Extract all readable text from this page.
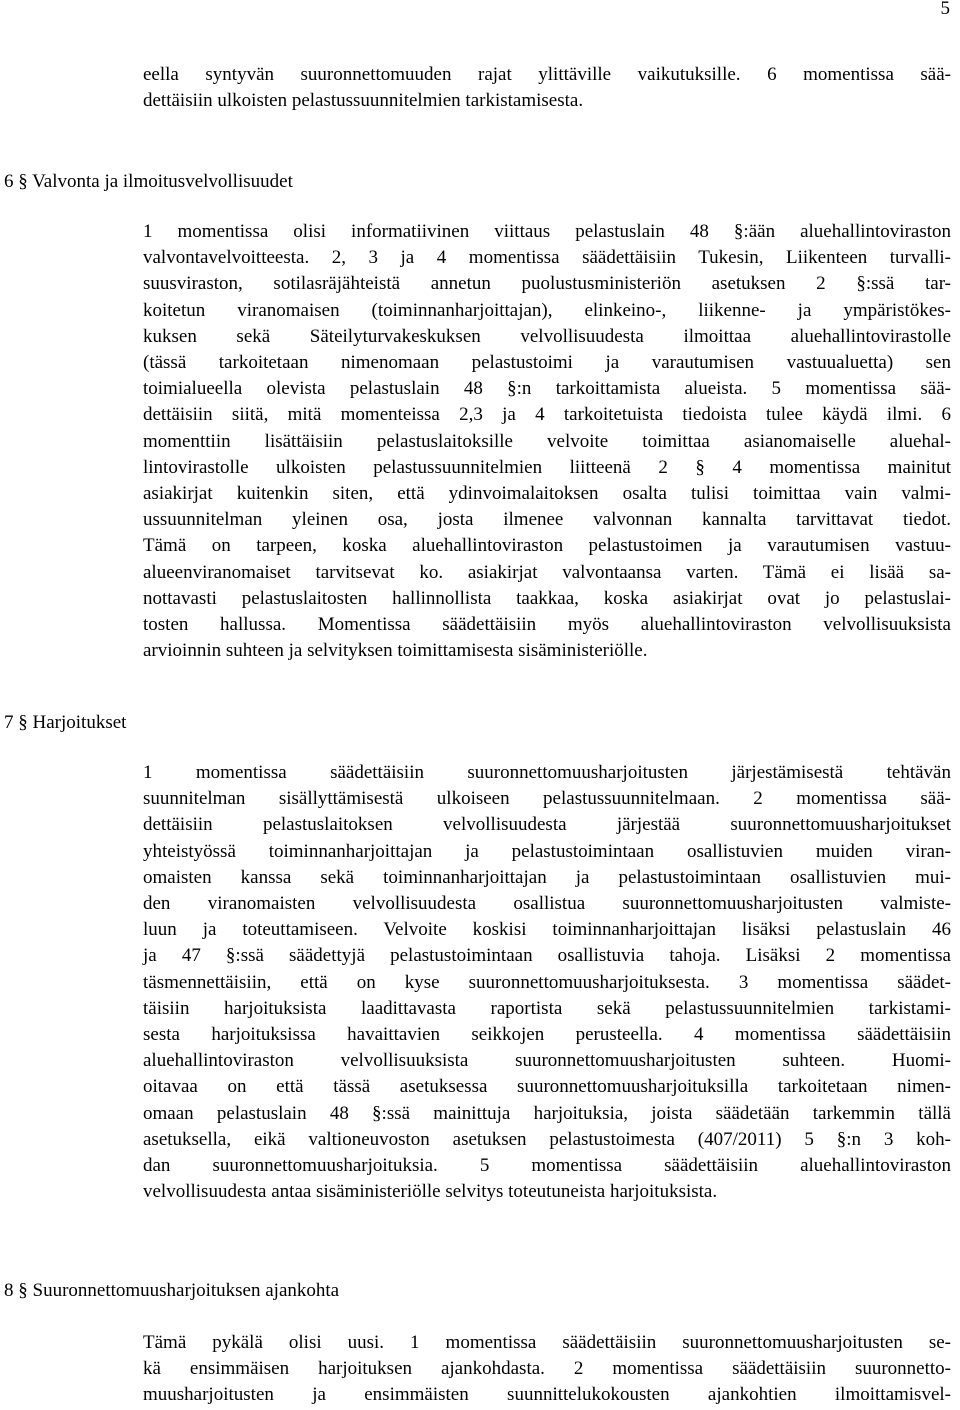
5
eella syntyvän suuronnettomuuden rajat ylittäville vaikutuksille. 6 momentissa sää-
dettäisiin ulkoisten pelastussuunnitelmien tarkistamisesta.
6 § Valvonta ja ilmoitusvelvollisuudet
1 momentissa olisi informatiivinen viittaus pelastuslain 48 §:ään aluehallintoviraston
valvontavelvoitteesta. 2, 3 ja 4 momentissa säädettäisiin Tukesin, Liikenteen turvalli-
suusviraston, sotilasräjähteistä annetun puolustusministeriön asetuksen 2 §:ssä tar-
koitetun viranomaisen (toiminnanharjoittajan), elinkeino-, liikenne- ja ympäristökes-
kuksen sekä Säteilyturvakeskuksen velvollisuudesta ilmoittaa aluehallintovirastolle
(tässä tarkoitetaan nimenomaan pelastustoimi ja varautumisen vastuualuetta) sen
toimialueella olevista pelastuslain 48 §:n tarkoittamista alueista. 5 momentissa sää-
dettäisiin siitä, mitä momenteissa 2,3 ja 4 tarkoitetuista tiedoista tulee käydä ilmi. 6
momenttiin lisättäisiin pelastuslaitoksille velvoite toimittaa asianomaiselle aluehal-
lintovirastolle ulkoisten pelastussuunnitelmien liitteenä 2 § 4 momentissa mainitut
asiakirjat kuitenkin siten, että ydinvoimalaitoksen osalta tulisi toimittaa vain valmi-
ussuunnitelman yleinen osa, josta ilmenee valvonnan kannalta tarvittavat tiedot.
Tämä on tarpeen, koska aluehallintoviraston pelastustoimen ja varautumisen vastuu-
alueenviranomaiset tarvitsevat ko. asiakirjat valvontaansa varten. Tämä ei lisää sa-
nottavasti pelastuslaitosten hallinnollista taakkaa, koska asiakirjat ovat jo pelastuslai-
tosten hallussa. Momentissa säädettäisiin myös aluehallintoviraston velvollisuuksista
arvioinnin suhteen ja selvityksen toimittamisesta sisäministeriölle.
7 § Harjoitukset
1 momentissa säädettäisiin suuronnettomuusharjoitusten järjestämisestä tehtävän
suunnitelman sisällyttämisestä ulkoiseen pelastussuunnitelmaan. 2 momentissa sää-
dettäisiin pelastuslaitoksen velvollisuudesta järjestää suuronnettomuusharjoitukset
yhteistyössä toiminnanharjoittajan ja pelastustoimintaan osallistuvien muiden viran-
omaisten kanssa sekä toiminnanharjoittajan ja pelastustoimintaan osallistuvien mui-
den viranomaisten velvollisuudesta osallistua suuronnettomuusharjoitusten valmiste-
luun ja toteuttamiseen. Velvoite koskisi toiminnanharjoittajan lisäksi pelastuslain 46
ja 47 §:ssä säädettyjä pelastustoimintaan osallistuvia tahoja. Lisäksi 2 momentissa
täsmennettäisiin, että on kyse suuronnettomuusharjoituksesta. 3 momentissa säädet-
täisiin harjoituksista laadittavasta raportista sekä pelastussuunnitelmien tarkistami-
sesta harjoituksissa havaittavien seikkojen perusteella. 4 momentissa säädettäisiin
aluehallintoviraston velvollisuuksista suuronnettomuusharjoitusten suhteen. Huomi-
oitavaa on että tässä asetuksessa suuronnettomuusharjoituksilla tarkoitetaan nimen-
omaan pelastuslain 48 §:ssä mainittuja harjoituksia, joista säädetään tarkemmin tällä
asetuksella, eikä valtioneuvoston asetuksen pelastustoimesta (407/2011) 5 §:n 3 koh-
dan suuronnettomuusharjoituksia. 5 momentissa säädettäisiin aluehallintoviraston
velvollisuudesta antaa sisäministeriölle selvitys toteutuneista harjoituksista.
8 § Suuronnettomuusharjoituksen ajankohta
Tämä pykälä olisi uusi. 1 momentissa säädettäisiin suuronnettomuusharjoitusten se-
kä ensimmäisen harjoituksen ajankohdasta. 2 momentissa säädettäisiin suuronnetto-
muusharjoitusten ja ensimmäisten suunnittelukokousten ajankohtien ilmoittamisvel-
